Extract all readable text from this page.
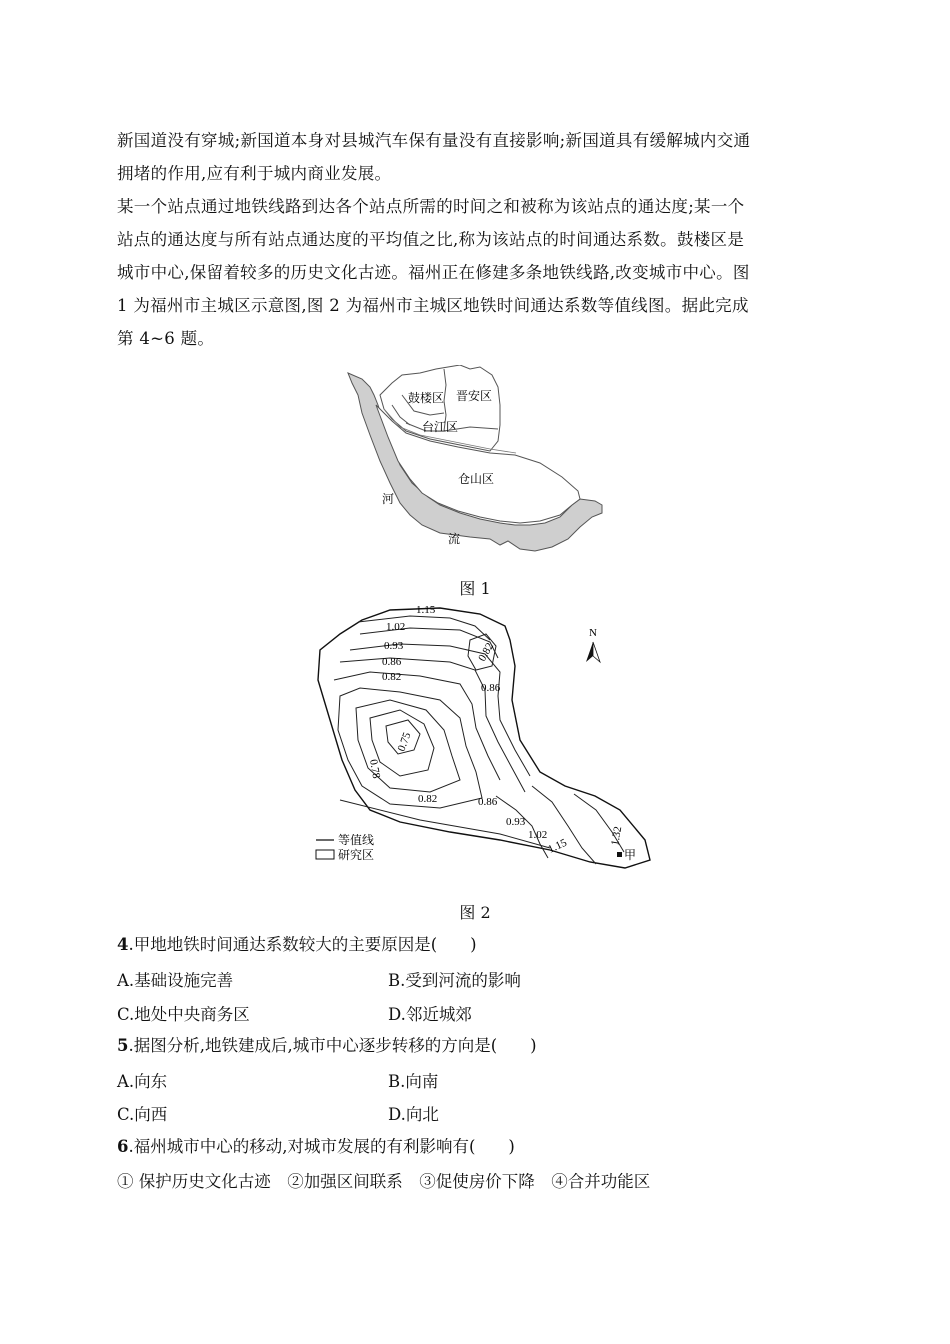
新国道没有穿城;新国道本身对县城汽车保有量没有直接影响;新国道具有缓解城内交通
拥堵的作用,应有利于城内商业发展。
某一个站点通过地铁线路到达各个站点所需的时间之和被称为该站点的通达度;某一个
站点的通达度与所有站点通达度的平均值之比,称为该站点的时间通达系数。鼓楼区是
城市中心,保留着较多的历史文化古迹。福州正在修建多条地铁线路,改变城市中心。图
1 为福州市主城区示意图,图 2 为福州市主城区地铁时间通达系数等值线图。据此完成
第 4~6 题。
鼓楼区 晋安区
台江区
仓山区
河
流
图 1
1.15
1.02
0.93
0.86
0.82
0.82
0.86
0.78
0.75
0.82	0.86
0.93
1.02
1.15	1.32
甲
N
等值线
研究区
图 2
4.甲地地铁时间通达系数较大的主要原因是(　　)
A.基础设施完善	B.受到河流的影响
C.地处中央商务区	D.邻近城郊
5.据图分析,地铁建成后,城市中心逐步转移的方向是(　　)
A.向东	B.向南
C.向西	D.向北
6.福州城市中心的移动,对城市发展的有利影响有(　　)
① 保护历史文化古迹　②加强区间联系　③促使房价下降　④合并功能区
